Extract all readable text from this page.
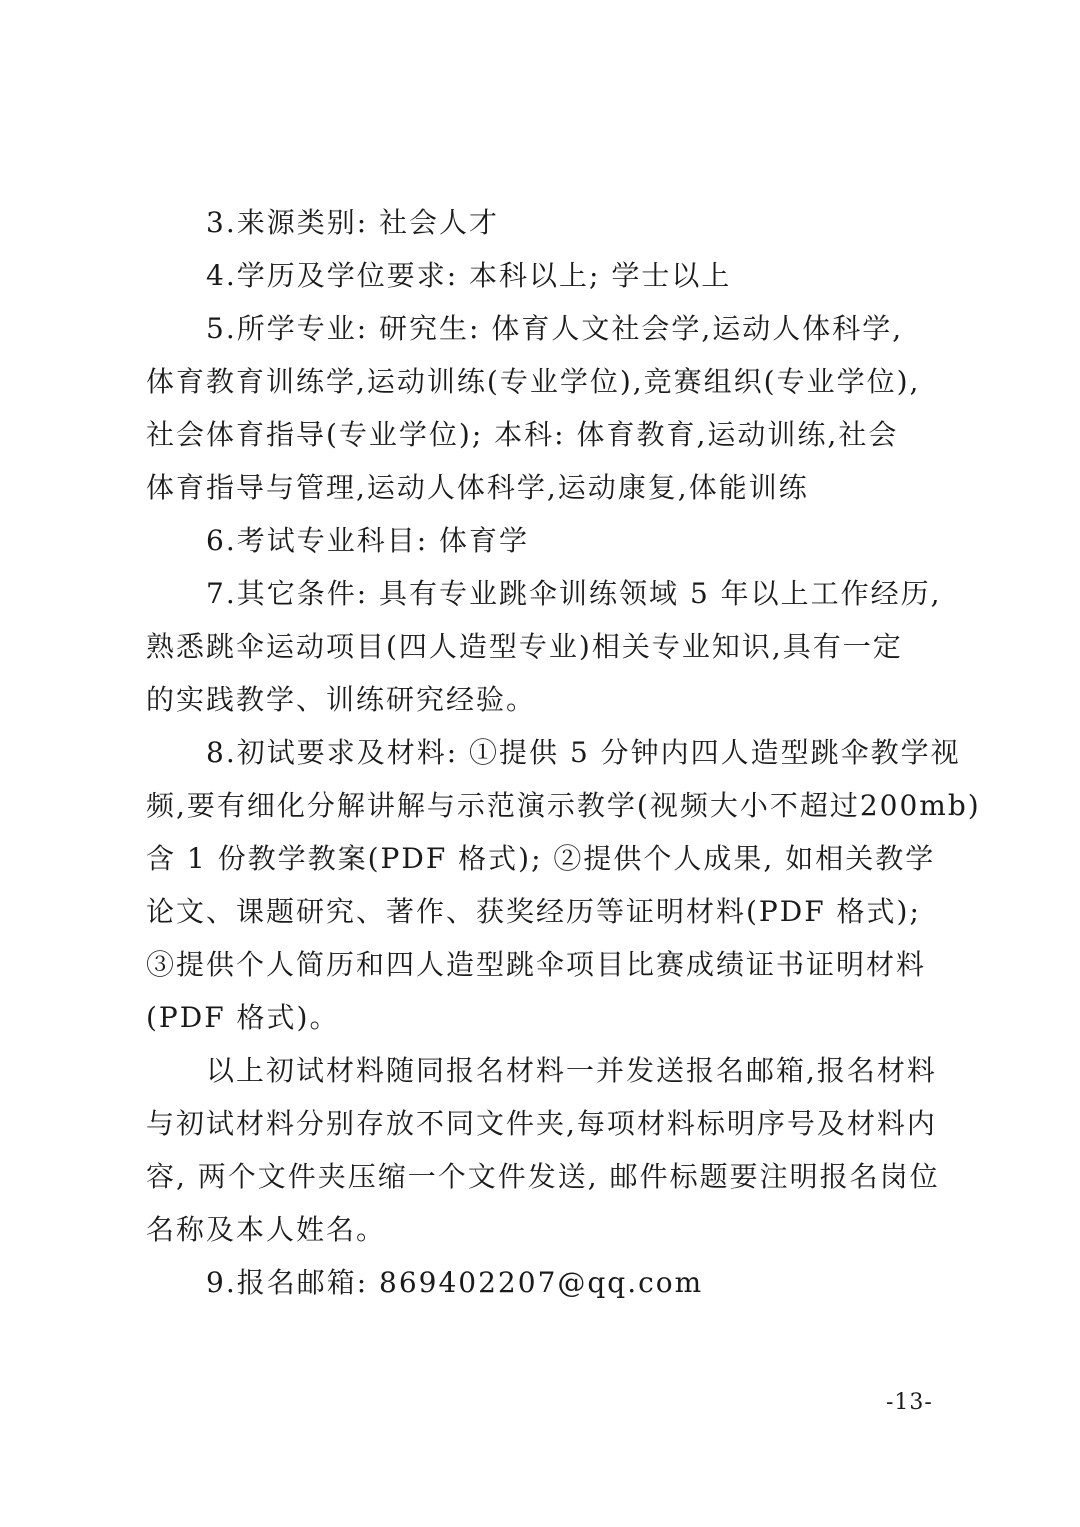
3.来源类别: 社会人才
4.学历及学位要求: 本科以上; 学士以上
5.所学专业: 研究生: 体育人文社会学,运动人体科学,
体育教育训练学,运动训练(专业学位),竞赛组织(专业学位),
社会体育指导(专业学位); 本科: 体育教育,运动训练,社会
体育指导与管理,运动人体科学,运动康复,体能训练
6.考试专业科目: 体育学
7.其它条件: 具有专业跳伞训练领域 5 年以上工作经历,
熟悉跳伞运动项目(四人造型专业)相关专业知识,具有一定
的实践教学、训练研究经验。
8.初试要求及材料: ①提供 5 分钟内四人造型跳伞教学视
频,要有细化分解讲解与示范演示教学(视频大小不超过200mb)
含 1 份教学教案(PDF 格式); ②提供个人成果, 如相关教学
论文、课题研究、著作、获奖经历等证明材料(PDF 格式);
③提供个人简历和四人造型跳伞项目比赛成绩证书证明材料
(PDF 格式)。
以上初试材料随同报名材料一并发送报名邮箱,报名材料
与初试材料分别存放不同文件夹,每项材料标明序号及材料内
容, 两个文件夹压缩一个文件发送, 邮件标题要注明报名岗位
名称及本人姓名。
9.报名邮箱: 869402207@qq.com
-13-
